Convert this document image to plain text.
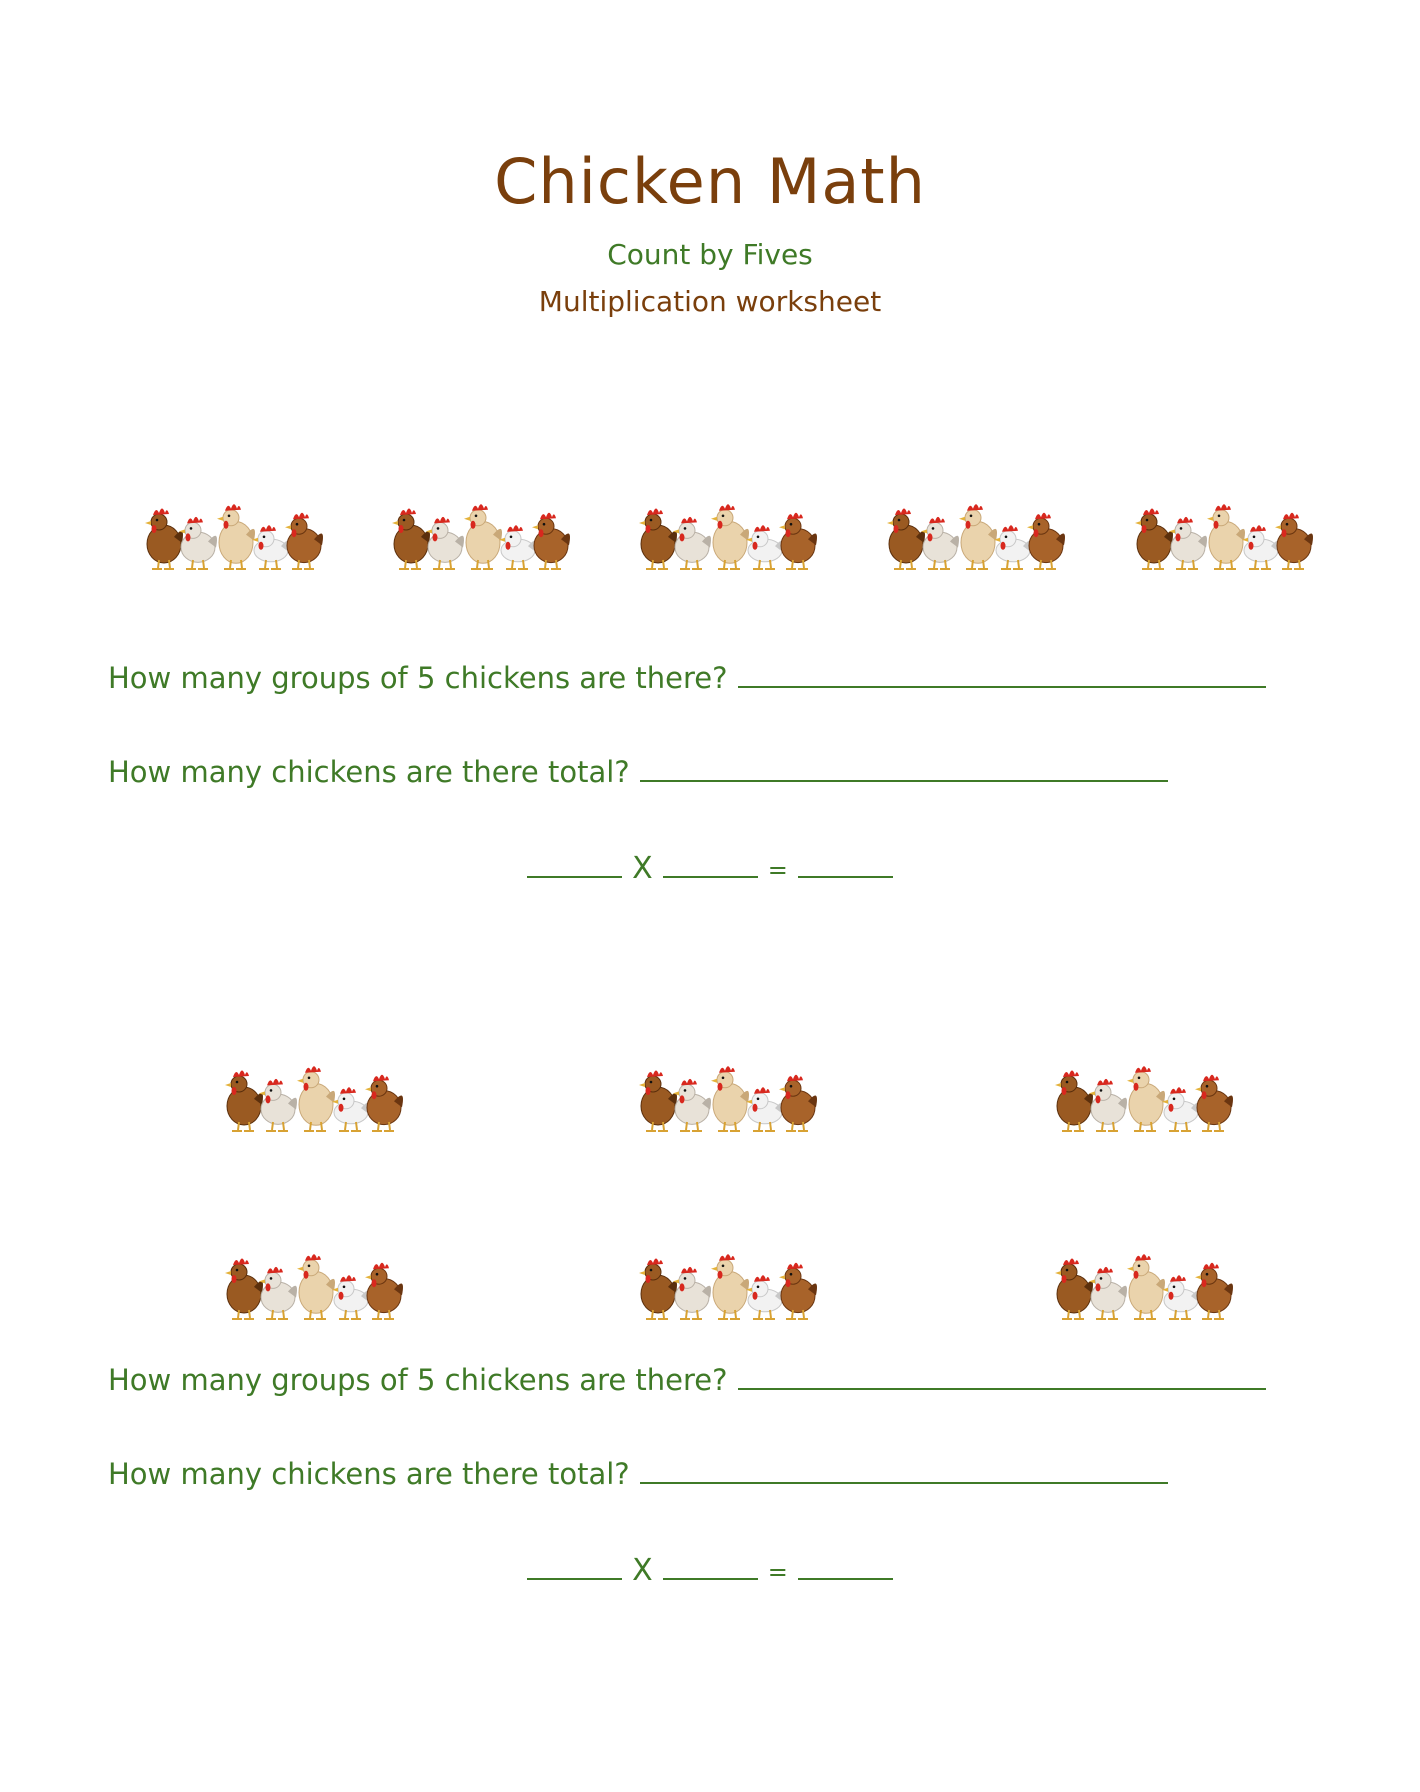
Chicken Math
Count by Fives
Multiplication worksheet
How many groups of 5 chickens are there?
How many chickens are there total?
X	=
How many groups of 5 chickens are there?
How many chickens are there total?
X	=
